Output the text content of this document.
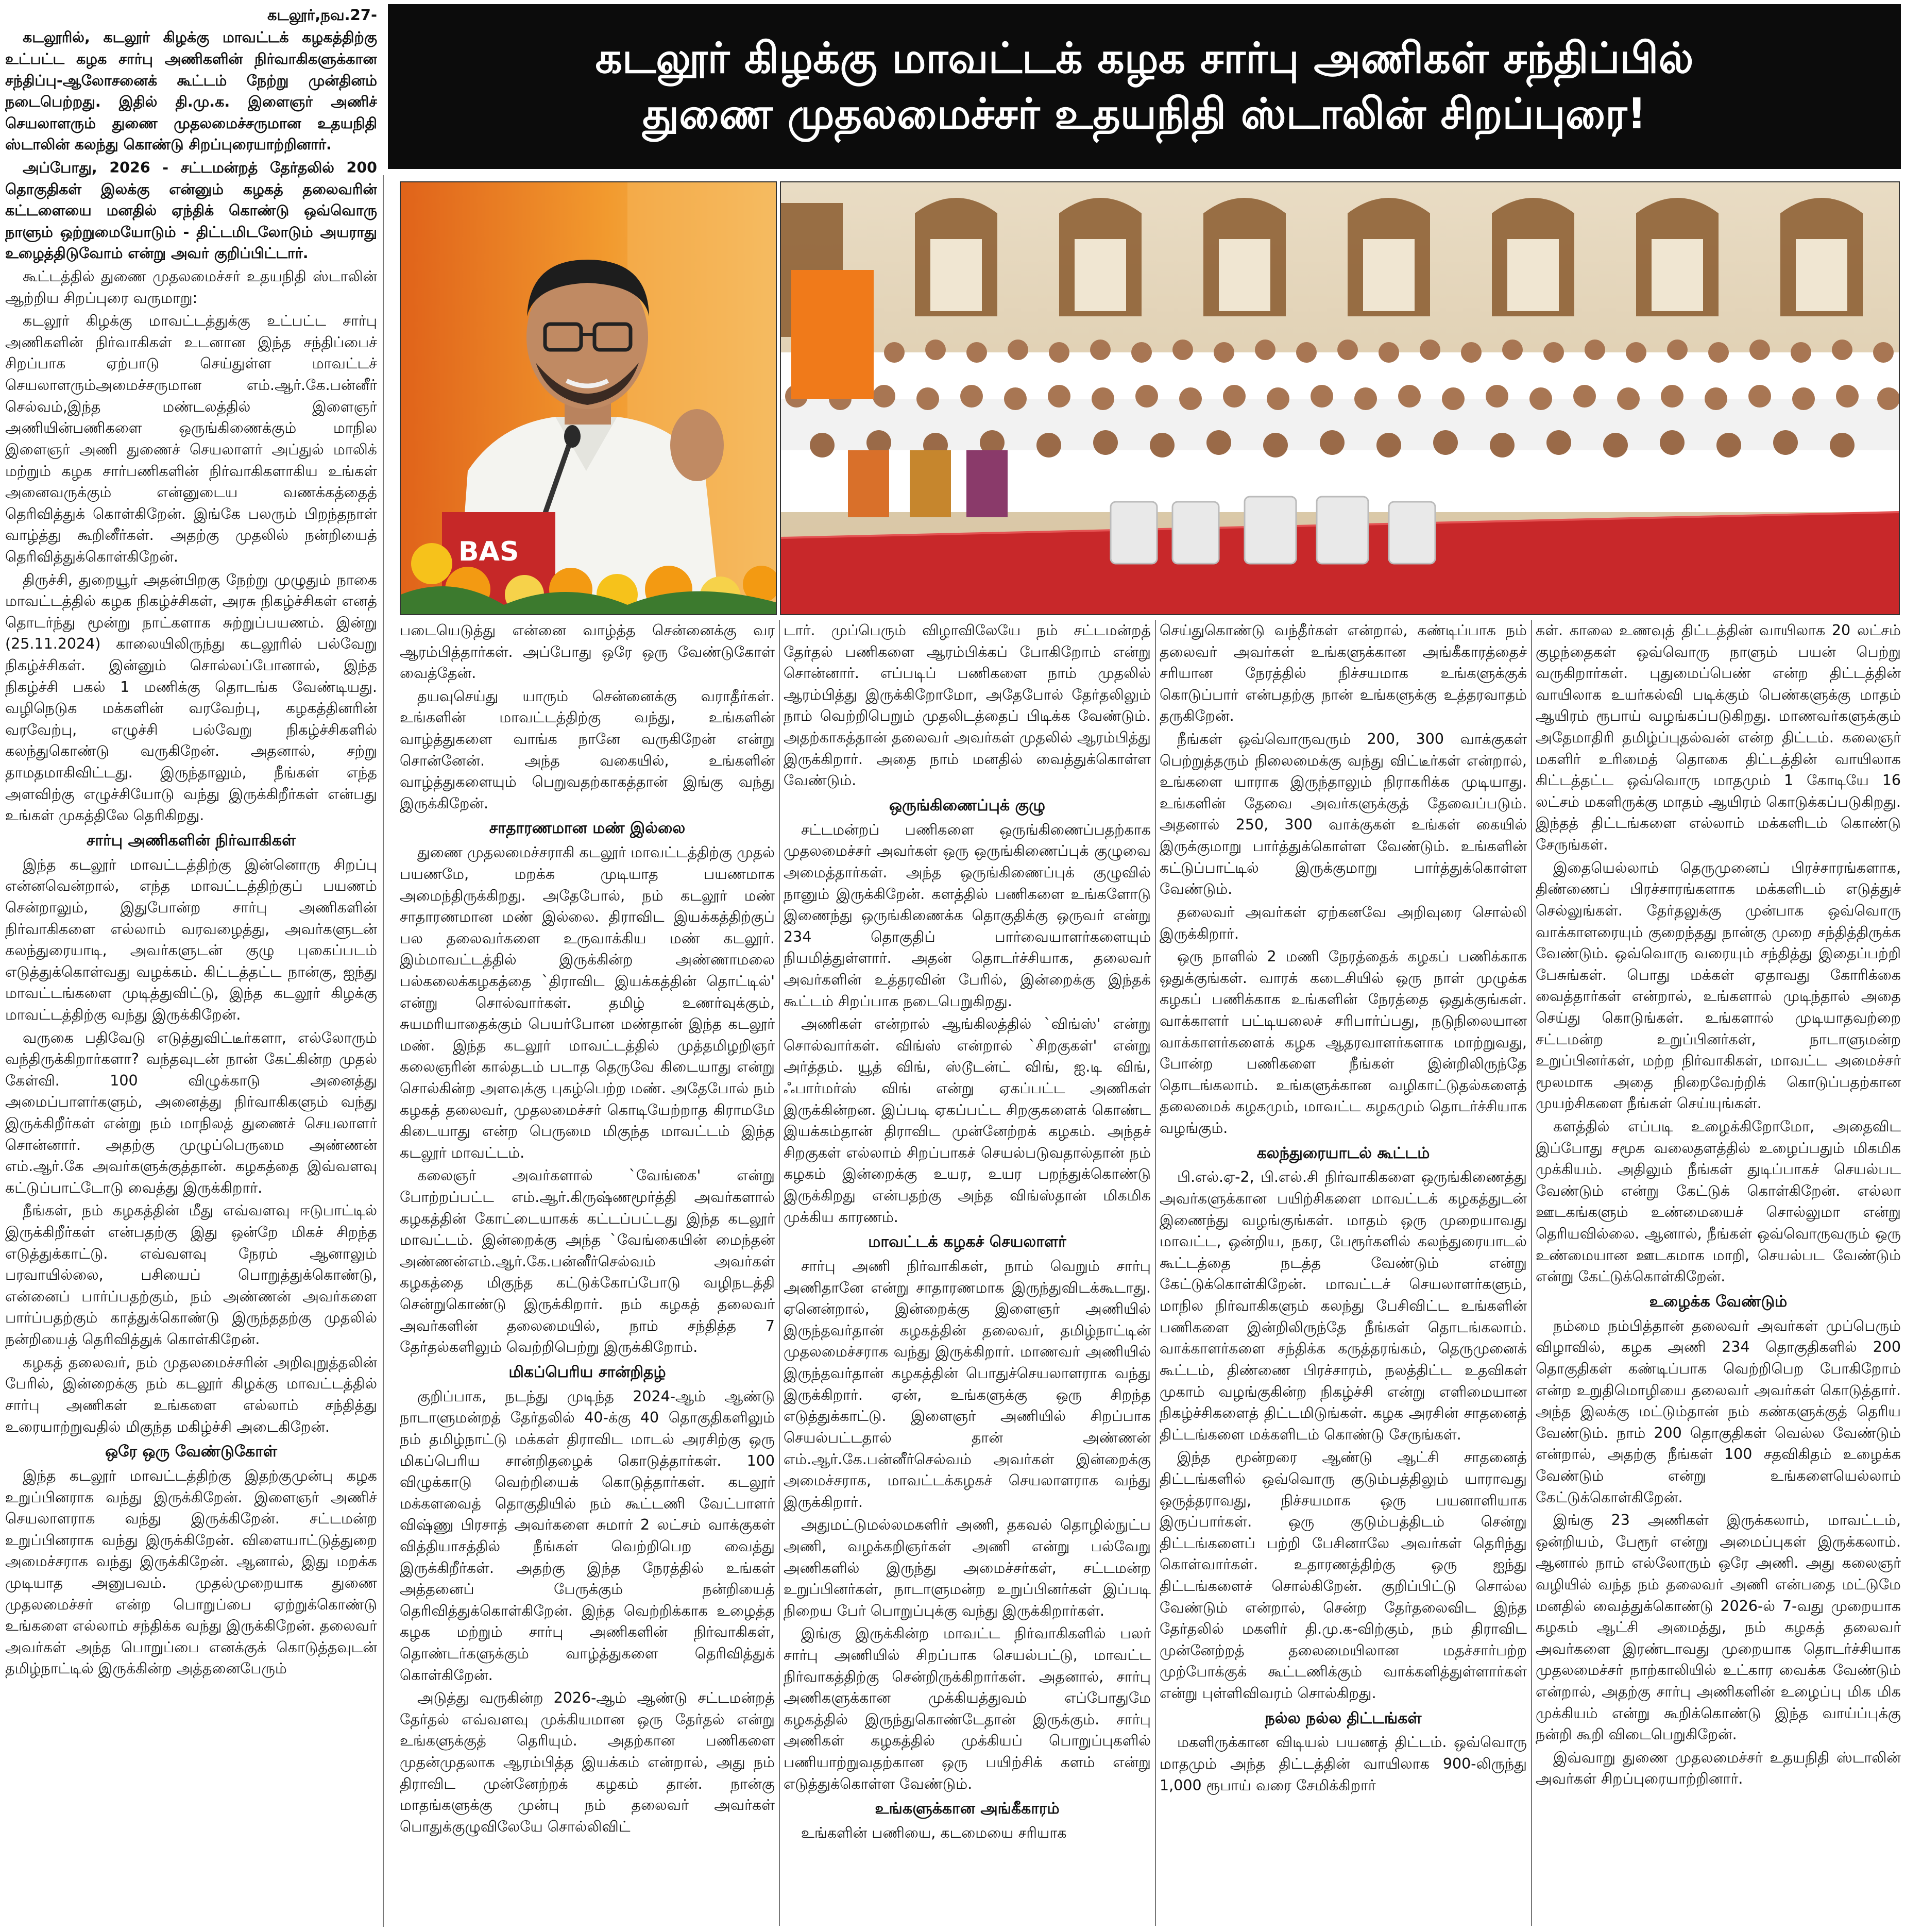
கடலூர் கிழக்கு மாவட்டக் கழக சார்பு அணிகள் சந்திப்பில்
துணை முதலமைச்சர் உதயநிதி ஸ்டாலின் சிறப்புரை!
கடலூர்,நவ.27-

கடலூரில், கடலூர் கிழக்கு மாவட்டக் கழகத்திற்கு உட்பட்ட கழக சார்பு அணிகளின் நிர்வாகிகளுக்கான சந்திப்பு-ஆலோசனைக் கூட்டம் நேற்று முன்தினம் நடைபெற்றது. இதில் தி.மு.க. இளைஞர் அணிச் செயலாளரும் துணை முதலமைச்சருமான உதயநிதி ஸ்டாலின் கலந்து கொண்டு சிறப்புரையாற்றினார்.

அப்போது, 2026 - சட்டமன்றத் தேர்தலில் 200 தொகுதிகள் இலக்கு என்னும் கழகத் தலைவரின் கட்டளையை மனதில் ஏந்திக் கொண்டு ஒவ்வொரு நாளும் ஒற்றுமையோடும் - திட்டமிடலோடும் அயராது உழைத்திடுவோம் என்று அவர் குறிப்பிட்டார்.

கூட்டத்தில் துணை முதலமைச்சர் உதயநிதி ஸ்டாலின் ஆற்றிய சிறப்புரை வருமாறு:

கடலூர் கிழக்கு மாவட்டத்துக்கு உட்பட்ட சார்பு அணிகளின் நிர்வாகிகள் உடனான இந்த சந்திப்பைச் சிறப்பாக ஏற்பாடு செய்துள்ள மாவட்டச் செயலாளரும்அமைச்சருமான எம்.ஆர்.கே.பன்னீர் செல்வம்,இந்த மண்டலத்தில் இளைஞர் அணியின்பணிகளை ஒருங்கிணைக்கும் மாநில இளைஞர் அணி துணைச் செயலாளர் அப்துல் மாலிக் மற்றும் கழக சார்பணிகளின் நிர்வாகிகளாகிய உங்கள் அனைவருக்கும் என்னுடைய வணக்கத்தைத் தெரிவித்துக் கொள்கிறேன். இங்கே பலரும் பிறந்தநாள் வாழ்த்து கூறினீர்கள். அதற்கு முதலில் நன்றியைத் தெரிவித்துக்கொள்கிறேன்.

திருச்சி, துறையூர் அதன்பிறகு நேற்று முழுதும் நாகை மாவட்டத்தில் கழக நிகழ்ச்சிகள், அரசு நிகழ்ச்சிகள் எனத் தொடர்ந்து மூன்று நாட்களாக சுற்றுப்பயணம். இன்று (25.11.2024) காலையிலிருந்து கடலூரில் பல்வேறு நிகழ்ச்சிகள். இன்னும் சொல்லப்போனால், இந்த நிகழ்ச்சி பகல் 1 மணிக்கு தொடங்க வேண்டியது. வழிநெடுக மக்களின் வரவேற்பு, கழகத்தினரின் வரவேற்பு, எழுச்சி பல்வேறு நிகழ்ச்சிகளில் கலந்துகொண்டு வருகிறேன். அதனால், சற்று தாமதமாகிவிட்டது. இருந்தாலும், நீங்கள் எந்த அளவிற்கு எழுச்சியோடு வந்து இருக்கிறீர்கள் என்பது உங்கள் முகத்திலே தெரிகிறது.

சார்பு அணிகளின் நிர்வாகிகள்

இந்த கடலூர் மாவட்டத்திற்கு இன்னொரு சிறப்பு என்னவென்றால், எந்த மாவட்டத்திற்குப் பயணம் சென்றாலும், இதுபோன்ற சார்பு அணிகளின் நிர்வாகிகளை எல்லாம் வரவழைத்து, அவர்களுடன் கலந்துரையாடி, அவர்களுடன் குழு புகைப்படம் எடுத்துக்கொள்வது வழக்கம். கிட்டத்தட்ட நான்கு, ஐந்து மாவட்டங்களை முடித்துவிட்டு, இந்த கடலூர் கிழக்கு மாவட்டத்திற்கு வந்து இருக்கிறேன்.

வருகை பதிவேடு எடுத்துவிட்டீர்களா, எல்லோரும் வந்திருக்கிறார்களா? வந்தவுடன் நான் கேட்கின்ற முதல் கேள்வி. 100 விழுக்காடு அனைத்து அமைப்பாளர்களும், அனைத்து நிர்வாகிகளும் வந்து இருக்கிறீர்கள் என்று நம் மாநிலத் துணைச் செயலாளர் சொன்னார். அதற்கு முழுப்பெருமை அண்ணன் எம்.ஆர்.கே அவர்களுக்குத்தான். கழகத்தை இவ்வளவு கட்டுப்பாட்டோடு வைத்து இருக்கிறார்.

நீங்கள், நம் கழகத்தின் மீது எவ்வளவு ஈடுபாட்டில் இருக்கிறீர்கள் என்பதற்கு இது ஒன்றே மிகச் சிறந்த எடுத்துக்காட்டு. எவ்வளவு நேரம் ஆனாலும் பரவாயில்லை, பசியைப் பொறுத்துக்கொண்டு, என்னைப் பார்ப்பதற்கும், நம் அண்ணன் அவர்களை பார்ப்பதற்கும் காத்துக்கொண்டு இருந்ததற்கு முதலில் நன்றியைத் தெரிவித்துக் கொள்கிறேன்.

கழகத் தலைவர், நம் முதலமைச்சரின் அறிவுறுத்தலின் பேரில், இன்றைக்கு நம் கடலூர் கிழக்கு மாவட்டத்தில் சார்பு அணிகள் உங்களை எல்லாம் சந்தித்து உரையாற்றுவதில் மிகுந்த மகிழ்ச்சி அடைகிறேன்.

ஒரே ஒரு வேண்டுகோள்

இந்த கடலூர் மாவட்டத்திற்கு இதற்குமுன்பு கழக உறுப்பினராக வந்து இருக்கிறேன். இளைஞர் அணிச் செயலாளராக வந்து இருக்கிறேன். சட்டமன்ற உறுப்பினராக வந்து இருக்கிறேன். விளையாட்டுத்துறை அமைச்சராக வந்து இருக்கிறேன். ஆனால், இது மறக்க முடியாத அனுபவம். முதல்முறையாக துணை முதலமைச்சர் என்ற பொறுப்பை ஏற்றுக்கொண்டு உங்களை எல்லாம் சந்திக்க வந்து இருக்கிறேன். தலைவர் அவர்கள் அந்த பொறுப்பை எனக்குக் கொடுத்தவுடன் தமிழ்நாட்டில் இருக்கின்ற அத்தனைபேரும்

BAS

படையெடுத்து என்னை வாழ்த்த சென்னைக்கு வர ஆரம்பித்தார்கள். அப்போது ஒரே ஒரு வேண்டுகோள் வைத்தேன்.

தயவுசெய்து யாரும் சென்னைக்கு வராதீர்கள். உங்களின் மாவட்டத்திற்கு வந்து, உங்களின் வாழ்த்துகளை வாங்க நானே வருகிறேன் என்று சொன்னேன். அந்த வகையில், உங்களின் வாழ்த்துகளையும் பெறுவதற்காகத்தான் இங்கு வந்து இருக்கிறேன்.

சாதாரணமான மண் இல்லை

துணை முதலமைச்சராகி கடலூர் மாவட்டத்திற்கு முதல் பயணமே, மறக்க முடியாத பயணமாக அமைந்திருக்கிறது. அதேபோல், நம் கடலூர் மண் சாதாரணமான மண் இல்லை. திராவிட இயக்கத்திற்குப் பல தலைவர்களை உருவாக்கிய மண் கடலூர். இம்மாவட்டத்தில் இருக்கின்ற அண்ணாமலை பல்கலைக்கழகத்தை `திராவிட இயக்கத்தின் தொட்டில்' என்று சொல்வார்கள். தமிழ் உணர்வுக்கும், சுயமரியாதைக்கும் பெயர்போன மண்தான் இந்த கடலூர் மண். இந்த கடலூர் மாவட்டத்தில் முத்தமிழறிஞர் கலைஞரின் கால்தடம் படாத தெருவே கிடையாது என்று சொல்கின்ற அளவுக்கு புகழ்பெற்ற மண். அதேபோல் நம் கழகத் தலைவர், முதலமைச்சர் கொடியேற்றாத கிராமமே கிடையாது என்ற பெருமை மிகுந்த மாவட்டம் இந்த கடலூர் மாவட்டம்.

கலைஞர் அவர்களால் `வேங்கை' என்று போற்றப்பட்ட எம்.ஆர்.கிருஷ்ணமூர்த்தி அவர்களால் கழகத்தின் கோட்டையாகக் கட்டப்பட்டது இந்த கடலூர் மாவட்டம். இன்றைக்கு அந்த `வேங்கையின் மைந்தன் அண்ணன்எம்.ஆர்.கே.பன்னீர்செல்வம் அவர்கள் கழகத்தை மிகுந்த கட்டுக்கோப்போடு வழிநடத்தி சென்றுகொண்டு இருக்கிறார். நம் கழகத் தலைவர் அவர்களின் தலைமையில், நாம் சந்தித்த 7 தேர்தல்களிலும் வெற்றிபெற்று இருக்கிறோம்.

மிகப்பெரிய சான்றிதழ்

குறிப்பாக, நடந்து முடிந்த 2024-ஆம் ஆண்டு நாடாளுமன்றத் தேர்தலில் 40-க்கு 40 தொகுதிகளிலும் நம் தமிழ்நாட்டு மக்கள் திராவிட மாடல் அரசிற்கு ஒரு மிகப்பெரிய சான்றிதழைக் கொடுத்தார்கள். 100 விழுக்காடு வெற்றியைக் கொடுத்தார்கள். கடலூர் மக்களவைத் தொகுதியில் நம் கூட்டணி வேட்பாளர் விஷ்ணு பிரசாத் அவர்களை சுமார் 2 லட்சம் வாக்குகள் வித்தியாசத்தில் நீங்கள் வெற்றிபெற வைத்து இருக்கிறீர்கள். அதற்கு இந்த நேரத்தில் உங்கள் அத்தனைப் பேருக்கும் நன்றியைத் தெரிவித்துக்கொள்கிறேன். இந்த வெற்றிக்காக உழைத்த கழக மற்றும் சார்பு அணிகளின் நிர்வாகிகள், தொண்டர்களுக்கும் வாழ்த்துகளை தெரிவித்துக் கொள்கிறேன்.

அடுத்து வருகின்ற 2026-ஆம் ஆண்டு சட்டமன்றத் தேர்தல் எவ்வளவு முக்கியமான ஒரு தேர்தல் என்று உங்களுக்குத் தெரியும். அதற்கான பணிகளை முதன்முதலாக ஆரம்பித்த இயக்கம் என்றால், அது நம் திராவிட முன்னேற்றக் கழகம் தான். நான்கு மாதங்களுக்கு முன்பு நம் தலைவர் அவர்கள் பொதுக்குழுவிலேயே சொல்லிவிட்

டார். முப்பெரும் விழாவிலேயே நம் சட்டமன்றத் தேர்தல் பணிகளை ஆரம்பிக்கப் போகிறோம் என்று சொன்னார். எப்படிப் பணிகளை நாம் முதலில் ஆரம்பித்து இருக்கிறோமோ, அதேபோல் தேர்தலிலும் நாம் வெற்றிபெறும் முதலிடத்தைப் பிடிக்க வேண்டும். அதற்காகத்தான் தலைவர் அவர்கள் முதலில் ஆரம்பித்து இருக்கிறார். அதை நாம் மனதில் வைத்துக்கொள்ள வேண்டும்.

ஒருங்கிணைப்புக் குழு

சட்டமன்றப் பணிகளை ஒருங்கிணைப்பதற்காக முதலமைச்சர் அவர்கள் ஒரு ஒருங்கிணைப்புக் குழுவை அமைத்தார்கள். அந்த ஒருங்கிணைப்புக் குழுவில் நானும் இருக்கிறேன். களத்தில் பணிகளை உங்களோடு இணைந்து ஒருங்கிணைக்க தொகுதிக்கு ஒருவர் என்று 234 தொகுதிப் பார்வையாளர்களையும் நியமித்துள்ளார். அதன் தொடர்ச்சியாக, தலைவர் அவர்களின் உத்தரவின் பேரில், இன்றைக்கு இந்தக் கூட்டம் சிறப்பாக நடைபெறுகிறது.

அணிகள் என்றால் ஆங்கிலத்தில் `விங்ஸ்' என்று சொல்வார்கள். விங்ஸ் என்றால் `சிறகுகள்' என்று அர்த்தம். யூத் விங், ஸ்டூடன்ட் விங், ஐ.டி விங், ஃபார்மர்ஸ் விங் என்று ஏகப்பட்ட அணிகள் இருக்கின்றன. இப்படி ஏகப்பட்ட சிறகுகளைக் கொண்ட இயக்கம்தான் திராவிட முன்னேற்றக் கழகம். அந்தச் சிறகுகள் எல்லாம் சிறப்பாகச் செயல்படுவதால்தான் நம் கழகம் இன்றைக்கு உயர, உயர பறந்துக்கொண்டு இருக்கிறது என்பதற்கு அந்த விங்ஸ்தான் மிகமிக முக்கிய காரணம்.

மாவட்டக் கழகச் செயலாளர்

சார்பு அணி நிர்வாகிகள், நாம் வெறும் சார்பு அணிதானே என்று சாதாரணமாக இருந்துவிடக்கூடாது. ஏனென்றால், இன்றைக்கு இளைஞர் அணியில் இருந்தவர்தான் கழகத்தின் தலைவர், தமிழ்நாட்டின் முதலமைச்சராக வந்து இருக்கிறார். மாணவர் அணியில் இருந்தவர்தான் கழகத்தின் பொதுச்செயலாளராக வந்து இருக்கிறார். ஏன், உங்களுக்கு ஒரு சிறந்த எடுத்துக்காட்டு. இளைஞர் அணியில் சிறப்பாக செயல்பட்டதால் தான் அண்ணன் எம்.ஆர்.கே.பன்னீர்செல்வம் அவர்கள் இன்றைக்கு அமைச்சராக, மாவட்டக்கழகச் செயலாளராக வந்து இருக்கிறார்.

அதுமட்டுமல்லமகளிர் அணி, தகவல் தொழில்நுட்ப அணி, வழக்கறிஞர்கள் அணி என்று பல்வேறு அணிகளில் இருந்து அமைச்சர்கள், சட்டமன்ற உறுப்பினர்கள், நாடாளுமன்ற உறுப்பினர்கள் இப்படி நிறைய பேர் பொறுப்புக்கு வந்து இருக்கிறார்கள்.

இங்கு இருக்கின்ற மாவட்ட நிர்வாகிகளில் பலர் சார்பு அணியில் சிறப்பாக செயல்பட்டு, மாவட்ட நிர்வாகத்திற்கு சென்றிருக்கிறார்கள். அதனால், சார்பு அணிகளுக்கான முக்கியத்துவம் எப்போதுமே கழகத்தில் இருந்துகொண்டேதான் இருக்கும். சார்பு அணிகள் கழகத்தில் முக்கியப் பொறுப்புகளில் பணியாற்றுவதற்கான ஒரு பயிற்சிக் களம் என்று எடுத்துக்கொள்ள வேண்டும்.

உங்களுக்கான அங்கீகாரம்

உங்களின் பணியை, கடமையை சரியாக

செய்துகொண்டு வந்தீர்கள் என்றால், கண்டிப்பாக நம் தலைவர் அவர்கள் உங்களுக்கான அங்கீகாரத்தைச் சரியான நேரத்தில் நிச்சயமாக உங்களுக்குக் கொடுப்பார் என்பதற்கு நான் உங்களுக்கு உத்தரவாதம் தருகிறேன்.

நீங்கள் ஒவ்வொருவரும் 200, 300 வாக்குகள் பெற்றுத்தரும் நிலைமைக்கு வந்து விட்டீர்கள் என்றால், உங்களை யாராக இருந்தாலும் நிராகரிக்க முடியாது. உங்களின் தேவை அவர்களுக்குத் தேவைப்படும். அதனால் 250, 300 வாக்குகள் உங்கள் கையில் இருக்குமாறு பார்த்துக்கொள்ள வேண்டும். உங்களின் கட்டுப்பாட்டில் இருக்குமாறு பார்த்துக்கொள்ள வேண்டும்.

தலைவர் அவர்கள் ஏற்கனவே அறிவுரை சொல்லி இருக்கிறார்.

ஒரு நாளில் 2 மணி நேரத்தைக் கழகப் பணிக்காக ஒதுக்குங்கள். வாரக் கடைசியில் ஒரு நாள் முழுக்க கழகப் பணிக்காக உங்களின் நேரத்தை ஒதுக்குங்கள். வாக்காளர் பட்டியலைச் சரிபார்ப்பது, நடுநிலையான வாக்காளர்களைக் கழக ஆதரவாளர்களாக மாற்றுவது, போன்ற பணிகளை நீங்கள் இன்றிலிருந்தே தொடங்கலாம். உங்களுக்கான வழிகாட்டுதல்களைத் தலைமைக் கழகமும், மாவட்ட கழகமும் தொடர்ச்சியாக வழங்கும்.

கலந்துரையாடல் கூட்டம்

பி.எல்.ஏ-2, பி.எல்.சி நிர்வாகிகளை ஒருங்கிணைத்து அவர்களுக்கான பயிற்சிகளை மாவட்டக் கழகத்துடன் இணைந்து வழங்குங்கள். மாதம் ஒரு முறையாவது மாவட்ட, ஒன்றிய, நகர, பேரூர்களில் கலந்துரையாடல் கூட்டத்தை நடத்த வேண்டும் என்று கேட்டுக்கொள்கிறேன். மாவட்டச் செயலாளர்களும், மாநில நிர்வாகிகளும் கலந்து பேசிவிட்ட உங்களின் பணிகளை இன்றிலிருந்தே நீங்கள் தொடங்கலாம். வாக்காளர்களை சந்திக்க கருத்தரங்கம், தெருமுனைக் கூட்டம், திண்ணை பிரச்சாரம், நலத்திட்ட உதவிகள் முகாம் வழங்குகின்ற நிகழ்ச்சி என்று எளிமையான நிகழ்ச்சிகளைத் திட்டமிடுங்கள். கழக அரசின் சாதனைத் திட்டங்களை மக்களிடம் கொண்டு சேருங்கள்.

இந்த மூன்றரை ஆண்டு ஆட்சி சாதனைத் திட்டங்களில் ஒவ்வொரு குடும்பத்திலும் யாராவது ஒருத்தராவது, நிச்சயமாக ஒரு பயனாளியாக இருப்பார்கள். ஒரு குடும்பத்திடம் சென்று திட்டங்களைப் பற்றி பேசினாலே அவர்கள் தெரிந்து கொள்வார்கள். உதாரணத்திற்கு ஒரு ஐந்து திட்டங்களைச் சொல்கிறேன். குறிப்பிட்டு சொல்ல வேண்டும் என்றால், சென்ற தேர்தலைவிட இந்த தேர்தலில் மகளிர் தி.மு.க-விற்கும், நம் திராவிட முன்னேற்றத் தலைமையிலான மதச்சார்பற்ற முற்போக்குக் கூட்டணிக்கும் வாக்களித்துள்ளார்கள் என்று புள்ளிவிவரம் சொல்கிறது.

நல்ல நல்ல திட்டங்கள்

மகளிருக்கான விடியல் பயணத் திட்டம். ஒவ்வொரு மாதமும் அந்த திட்டத்தின் வாயிலாக 900-லிருந்து 1,000 ரூபாய் வரை சேமிக்கிறார்

கள். காலை உணவுத் திட்டத்தின் வாயிலாக 20 லட்சம் குழந்தைகள் ஒவ்வொரு நாளும் பயன் பெற்று வருகிறார்கள். புதுமைப்பெண் என்ற திட்டத்தின் வாயிலாக உயர்கல்வி படிக்கும் பெண்களுக்கு மாதம் ஆயிரம் ரூபாய் வழங்கப்படுகிறது. மாணவர்களுக்கும் அதேமாதிரி தமிழ்ப்புதல்வன் என்ற திட்டம். கலைஞர் மகளிர் உரிமைத் தொகை திட்டத்தின் வாயிலாக கிட்டத்தட்ட ஒவ்வொரு மாதமும் 1 கோடியே 16 லட்சம் மகளிருக்கு மாதம் ஆயிரம் கொடுக்கப்படுகிறது. இந்தத் திட்டங்களை எல்லாம் மக்களிடம் கொண்டு சேருங்கள்.

இதையெல்லாம் தெருமுனைப் பிரச்சாரங்களாக, திண்ணைப் பிரச்சாரங்களாக மக்களிடம் எடுத்துச் செல்லுங்கள். தேர்தலுக்கு முன்பாக ஒவ்வொரு வாக்காளரையும் குறைந்தது நான்கு முறை சந்தித்திருக்க வேண்டும். ஒவ்வொரு வரையும் சந்தித்து இதைப்பற்றி பேசுங்கள். பொது மக்கள் ஏதாவது கோரிக்கை வைத்தார்கள் என்றால், உங்களால் முடிந்தால் அதை செய்து கொடுங்கள். உங்களால் முடியாதவற்றை சட்டமன்ற உறுப்பினர்கள், நாடாளுமன்ற உறுப்பினர்கள், மற்ற நிர்வாகிகள், மாவட்ட அமைச்சர் மூலமாக அதை நிறைவேற்றிக் கொடுப்பதற்கான முயற்சிகளை நீங்கள் செய்யுங்கள்.

களத்தில் எப்படி உழைக்கிறோமோ, அதைவிட இப்போது சமூக வலைதளத்தில் உழைப்பதும் மிகமிக முக்கியம். அதிலும் நீங்கள் துடிப்பாகச் செயல்பட வேண்டும் என்று கேட்டுக் கொள்கிறேன். எல்லா ஊடகங்களும் உண்மையைச் சொல்லுமா என்று தெரியவில்லை. ஆனால், நீங்கள் ஒவ்வொருவரும் ஒரு உண்மையான ஊடகமாக மாறி, செயல்பட வேண்டும் என்று கேட்டுக்கொள்கிறேன்.

உழைக்க வேண்டும்

நம்மை நம்பித்தான் தலைவர் அவர்கள் முப்பெரும் விழாவில், கழக அணி 234 தொகுதிகளில் 200 தொகுதிகள் கண்டிப்பாக வெற்றிபெற போகிறோம் என்ற உறுதிமொழியை தலைவர் அவர்கள் கொடுத்தார். அந்த இலக்கு மட்டும்தான் நம் கண்களுக்குத் தெரிய வேண்டும். நாம் 200 தொகுதிகள் வெல்ல வேண்டும் என்றால், அதற்கு நீங்கள் 100 சதவிகிதம் உழைக்க வேண்டும் என்று உங்களையெல்லாம் கேட்டுக்கொள்கிறேன்.

இங்கு 23 அணிகள் இருக்கலாம், மாவட்டம், ஒன்றியம், பேரூர் என்று அமைப்புகள் இருக்கலாம். ஆனால் நாம் எல்லோரும் ஒரே அணி. அது கலைஞர் வழியில் வந்த நம் தலைவர் அணி என்பதை மட்டுமே மனதில் வைத்துக்கொண்டு 2026-ல் 7-வது முறையாக கழகம் ஆட்சி அமைத்து, நம் கழகத் தலைவர் அவர்களை இரண்டாவது முறையாக தொடர்ச்சியாக முதலமைச்சர் நாற்காலியில் உட்கார வைக்க வேண்டும் என்றால், அதற்கு சார்பு அணிகளின் உழைப்பு மிக மிக முக்கியம் என்று கூறிக்கொண்டு இந்த வாய்ப்புக்கு நன்றி கூறி விடைபெறுகிறேன்.

இவ்வாறு துணை முதலமைச்சர் உதயநிதி ஸ்டாலின் அவர்கள் சிறப்புரையாற்றினார்.
